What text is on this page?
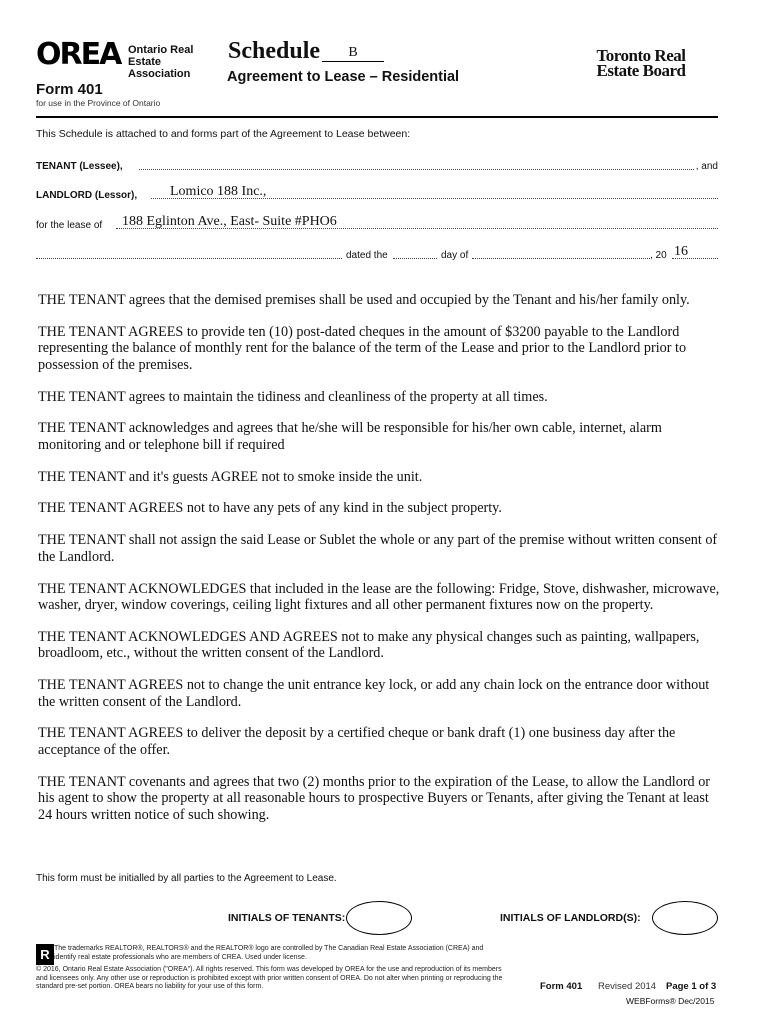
OREA Ontario Real Estate Association
Form 401
for use in the Province of Ontario
Schedule	B
Agreement to Lease – Residential
Toronto Real Estate Board
This Schedule is attached to and forms part of the Agreement to Lease between:
TENANT (Lessee),	, and
LANDLORD (Lessor), Lomico 188 Inc.,
for the lease of 188 Eglinton Ave., East- Suite #PHO6
dated the	day of	, 20 16

THE TENANT agrees that the demised premises shall be used and occupied by the Tenant and his/her family only.

THE TENANT AGREES to provide ten (10) post-dated cheques in the amount of $3200 payable to the Landlord representing the balance of monthly rent for the balance of the term of the Lease and prior to the Landlord prior to possession of the premises.

THE TENANT agrees to maintain the tidiness and cleanliness of the property at all times.

THE TENANT acknowledges and agrees that he/she will be responsible for his/her own cable, internet, alarm monitoring and or telephone bill if required

THE TENANT and it's guests AGREE not to smoke inside the unit.

THE TENANT AGREES not to have any pets of any kind in the subject property.

THE TENANT shall not assign the said Lease or Sublet the whole or any part of the premise without written consent of the Landlord.

THE TENANT ACKNOWLEDGES that included in the lease are the following: Fridge, Stove, dishwasher, microwave, washer, dryer, window coverings, ceiling light fixtures and all other permanent fixtures now on the property.

THE TENANT ACKNOWLEDGES AND AGREES not to make any physical changes such as painting, wallpapers, broadloom, etc., without the written consent of the Landlord.

THE TENANT AGREES not to change the unit entrance key lock, or add any chain lock on the entrance door without the written consent of the Landlord.

THE TENANT AGREES to deliver the deposit by a certified cheque or bank draft (1) one business day after the acceptance of the offer.

THE TENANT covenants and agrees that two (2) months prior to the expiration of the Lease, to allow the Landlord or his agent to show the property at all reasonable hours to prospective Buyers or Tenants, after giving the Tenant at least 24 hours written notice of such showing.

This form must be initialled by all parties to the Agreement to Lease.
INITIALS OF TENANTS:	INITIALS OF LANDLORD(S):
R The trademarks REALTOR®, REALTORS® and the REALTOR® logo are controlled by The Canadian Real Estate Association (CREA) and identify real estate professionals who are members of CREA. Used under license.
© 2016, Ontario Real Estate Association ("OREA"). All rights reserved. This form was developed by OREA for the use and reproduction of its members and licensees only. Any other use or reproduction is prohibited except with prior written consent of OREA. Do not alter when printing or reproducing the standard pre-set portion. OREA bears no liability for your use of this form.	Form 401 Revised 2014 Page 1 of 3
WEBForms® Dec/2015
